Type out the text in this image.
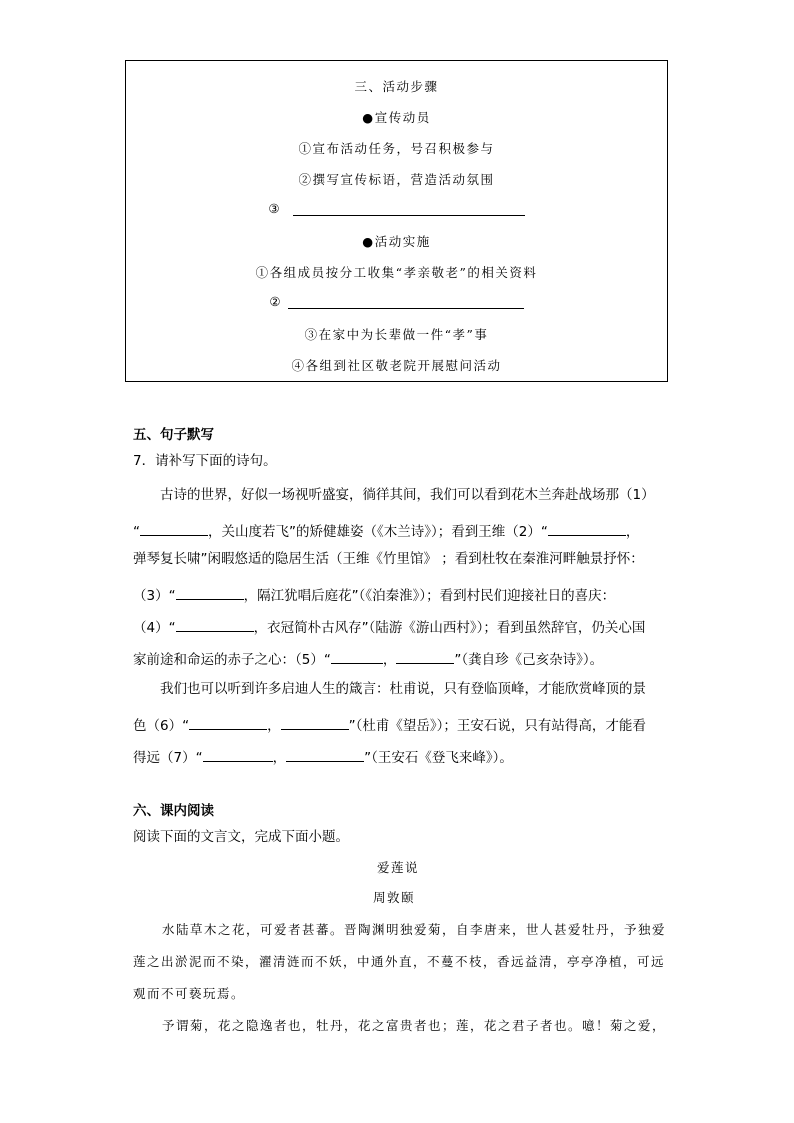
三、活动步骤
●宣传动员
①宣布活动任务，号召积极参与
②撰写宣传标语，营造活动氛围
③
●活动实施
①各组成员按分工收集“孝亲敬老”的相关资料
②
③在家中为长辈做一件“孝”事
④各组到社区敬老院开展慰问活动
五、句子默写
7．请补写下面的诗句。
古诗的世界，好似一场视听盛宴，徜徉其间，我们可以看到花木兰奔赴战场那（1）
“	，关山度若飞”的矫健雄姿（《木兰诗》）；看到王维（2）“	，
弹琴复长啸”闲暇悠适的隐居生活（王维《竹里馆》 ；看到杜牧在秦淮河畔触景抒怀：
（3）“	，隔江犹唱后庭花”（《泊秦淮》）；看到村民们迎接社日的喜庆：
（4）“	，衣冠简朴古风存”（陆游《游山西村》）；看到虽然辞官，仍关心国
家前途和命运的赤子之心：（5）“	，	”（龚自珍《己亥杂诗》）。
我们也可以听到许多启迪人生的箴言：杜甫说，只有登临顶峰，才能欣赏峰顶的景
色（6）“	，	”（杜甫《望岳》）；王安石说，只有站得高，才能看
得远（7）“	，	”（王安石《登飞来峰》）。
六、课内阅读
阅读下面的文言文，完成下面小题。
爱莲说
周敦颐
水陆草木之花，可爱者甚蕃。晋陶渊明独爱菊，自李唐来，世人甚爱牡丹，予独爱
莲之出淤泥而不染，濯清涟而不妖，中通外直，不蔓不枝，香远益清，亭亭净植，可远
观而不可亵玩焉。
予谓菊，花之隐逸者也，牡丹，花之富贵者也；莲，花之君子者也。噫！菊之爱，
